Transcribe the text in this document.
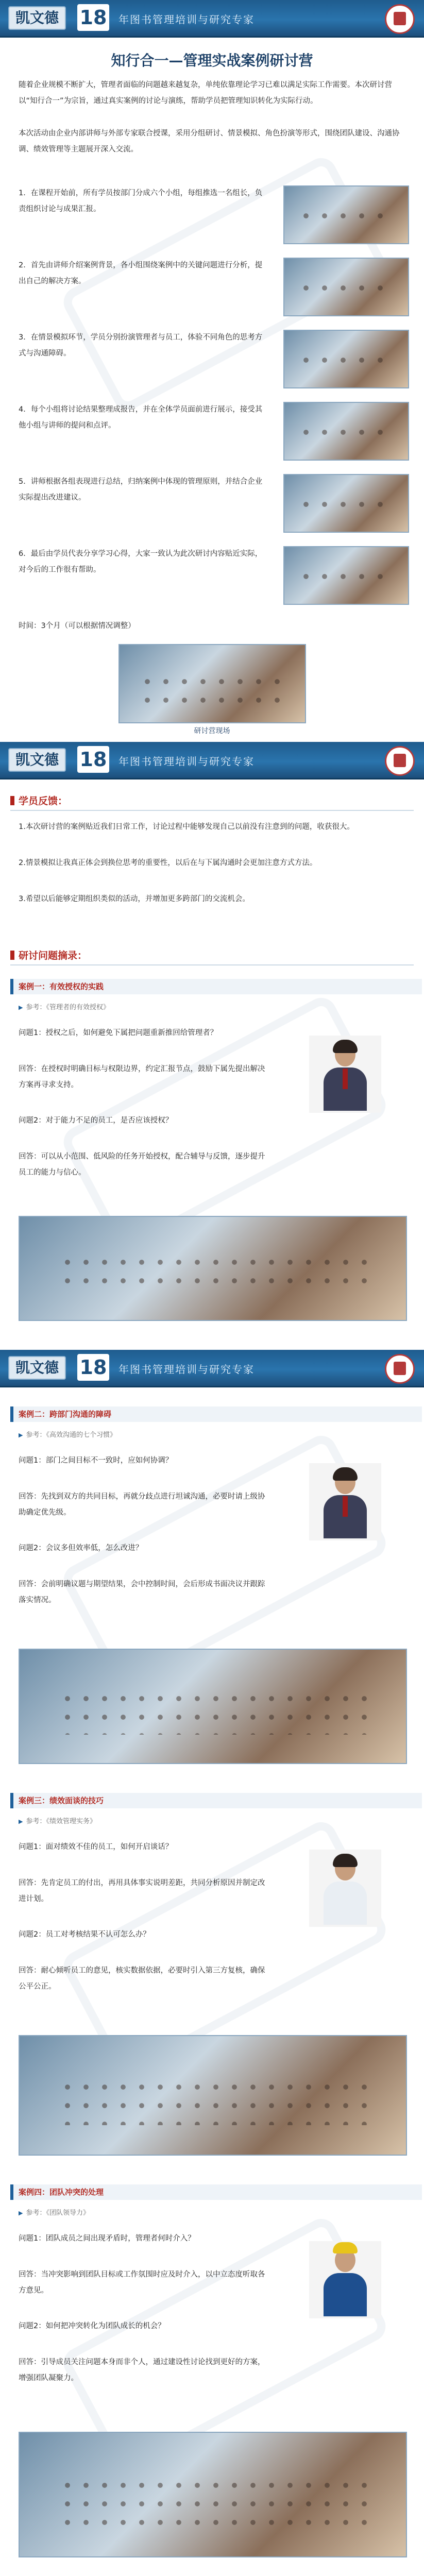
凯文德	18 年图书管理培训与研究专家
知行合一—管理实战案例研讨营

随着企业规模不断扩大，管理者面临的问题越来越复杂，单纯依靠理论学习已难以满足实际工作需要。本次研讨营以“知行合一”为宗旨，通过真实案例的讨论与演练，帮助学员把管理知识转化为实际行动。

本次活动由企业内部讲师与外部专家联合授课，采用分组研讨、情景模拟、角色扮演等形式，围绕团队建设、沟通协调、绩效管理等主题展开深入交流。

1．在课程开始前，所有学员按部门分成六个小组，每组推选一名组长，负责组织讨论与成果汇报。

2．首先由讲师介绍案例背景，各小组围绕案例中的关键问题进行分析，提出自己的解决方案。

3．在情景模拟环节，学员分别扮演管理者与员工，体验不同角色的思考方式与沟通障碍。

4．每个小组将讨论结果整理成报告，并在全体学员面前进行展示，接受其他小组与讲师的提问和点评。

5．讲师根据各组表现进行总结，归纳案例中体现的管理原则，并结合企业实际提出改进建议。

6．最后由学员代表分享学习心得，大家一致认为此次研讨内容贴近实际，对今后的工作很有帮助。

时间：3个月（可以根据情况调整）

研讨营现场
凯文德	18 年图书管理培训与研究专家
学员反馈：

1.本次研讨营的案例贴近我们日常工作，讨论过程中能够发现自己以前没有注意到的问题，收获很大。

2.情景模拟让我真正体会到换位思考的重要性，以后在与下属沟通时会更加注意方式方法。

3.希望以后能够定期组织类似的活动，并增加更多跨部门的交流机会。

研讨问题摘录：
案例一：有效授权的实践
▶ 参考：《管理者的有效授权》

问题1：授权之后，如何避免下属把问题重新推回给管理者？

回答：在授权时明确目标与权限边界，约定汇报节点，鼓励下属先提出解决方案再寻求支持。

问题2：对于能力不足的员工，是否应该授权？

回答：可以从小范围、低风险的任务开始授权，配合辅导与反馈，逐步提升员工的能力与信心。

凯文德	18 年图书管理培训与研究专家
案例二：跨部门沟通的障碍
▶ 参考：《高效沟通的七个习惯》

问题1：部门之间目标不一致时，应如何协调？

回答：先找到双方的共同目标，再就分歧点进行坦诚沟通，必要时请上级协助确定优先级。

问题2：会议多但效率低，怎么改进？

回答：会前明确议题与期望结果，会中控制时间，会后形成书面决议并跟踪落实情况。

案例三：绩效面谈的技巧
▶ 参考：《绩效管理实务》

问题1：面对绩效不佳的员工，如何开启谈话？

回答：先肯定员工的付出，再用具体事实说明差距，共同分析原因并制定改进计划。

问题2：员工对考核结果不认可怎么办？

回答：耐心倾听员工的意见，核实数据依据，必要时引入第三方复核，确保公平公正。

案例四：团队冲突的处理
▶ 参考：《团队领导力》

问题1：团队成员之间出现矛盾时，管理者何时介入？

回答：当冲突影响到团队目标或工作氛围时应及时介入，以中立态度听取各方意见。

问题2：如何把冲突转化为团队成长的机会？

回答：引导成员关注问题本身而非个人，通过建设性讨论找到更好的方案，增强团队凝聚力。
